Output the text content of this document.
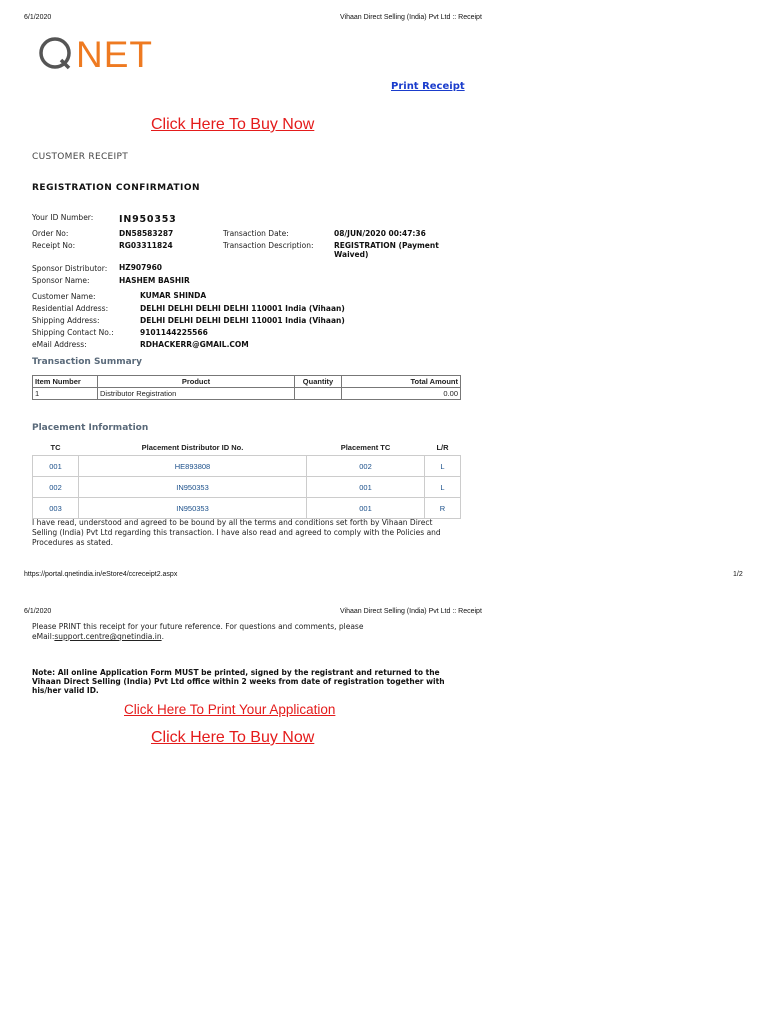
6/1/2020	Vihaan Direct Selling (India) Pvt Ltd :: Receipt
NET
Print Receipt
Click Here To Buy Now
CUSTOMER RECEIPT
REGISTRATION CONFIRMATION
Your ID Number:	IN950353
Order No:	DN58583287	Transaction Date:	08/JUN/2020 00:47:36
Receipt No:	RG03311824	Transaction Description:	REGISTRATION (Payment Waived)
Sponsor Distributor: HZ907960
Sponsor Name:	HASHEM BASHIR
Customer Name:	KUMAR SHINDA
Residential Address:	DELHI DELHI DELHI DELHI 110001 India (Vihaan)
Shipping Address:	DELHI DELHI DELHI DELHI 110001 India (Vihaan)
Shipping Contact No.:	9101144225566
eMail Address:	RDHACKERR@GMAIL.COM
Transaction Summary
Item Number	Product	Quantity	Total Amount
1	Distributor Registration		0.00
Placement Information
TC	Placement Distributor ID No.	Placement TC	L/R
001	HE893808	002	L
002	IN950353	001	L
003	IN950353	001	R
I have read, understood and agreed to be bound by all the terms and conditions set forth by Vihaan Direct Selling (India) Pvt Ltd regarding this transaction. I have also read and agreed to comply with the Policies and Procedures as stated.
https://portal.qnetindia.in/eStore4/ccreceipt2.aspx	1/2
6/1/2020	Vihaan Direct Selling (India) Pvt Ltd :: Receipt
Please PRINT this receipt for your future reference. For questions and comments, please
eMail:support.centre@qnetindia.in.
Note: All online Application Form MUST be printed, signed by the registrant and returned to the Vihaan Direct Selling (India) Pvt Ltd office within 2 weeks from date of registration together with his/her valid ID.
Click Here To Print Your Application
Click Here To Buy Now
